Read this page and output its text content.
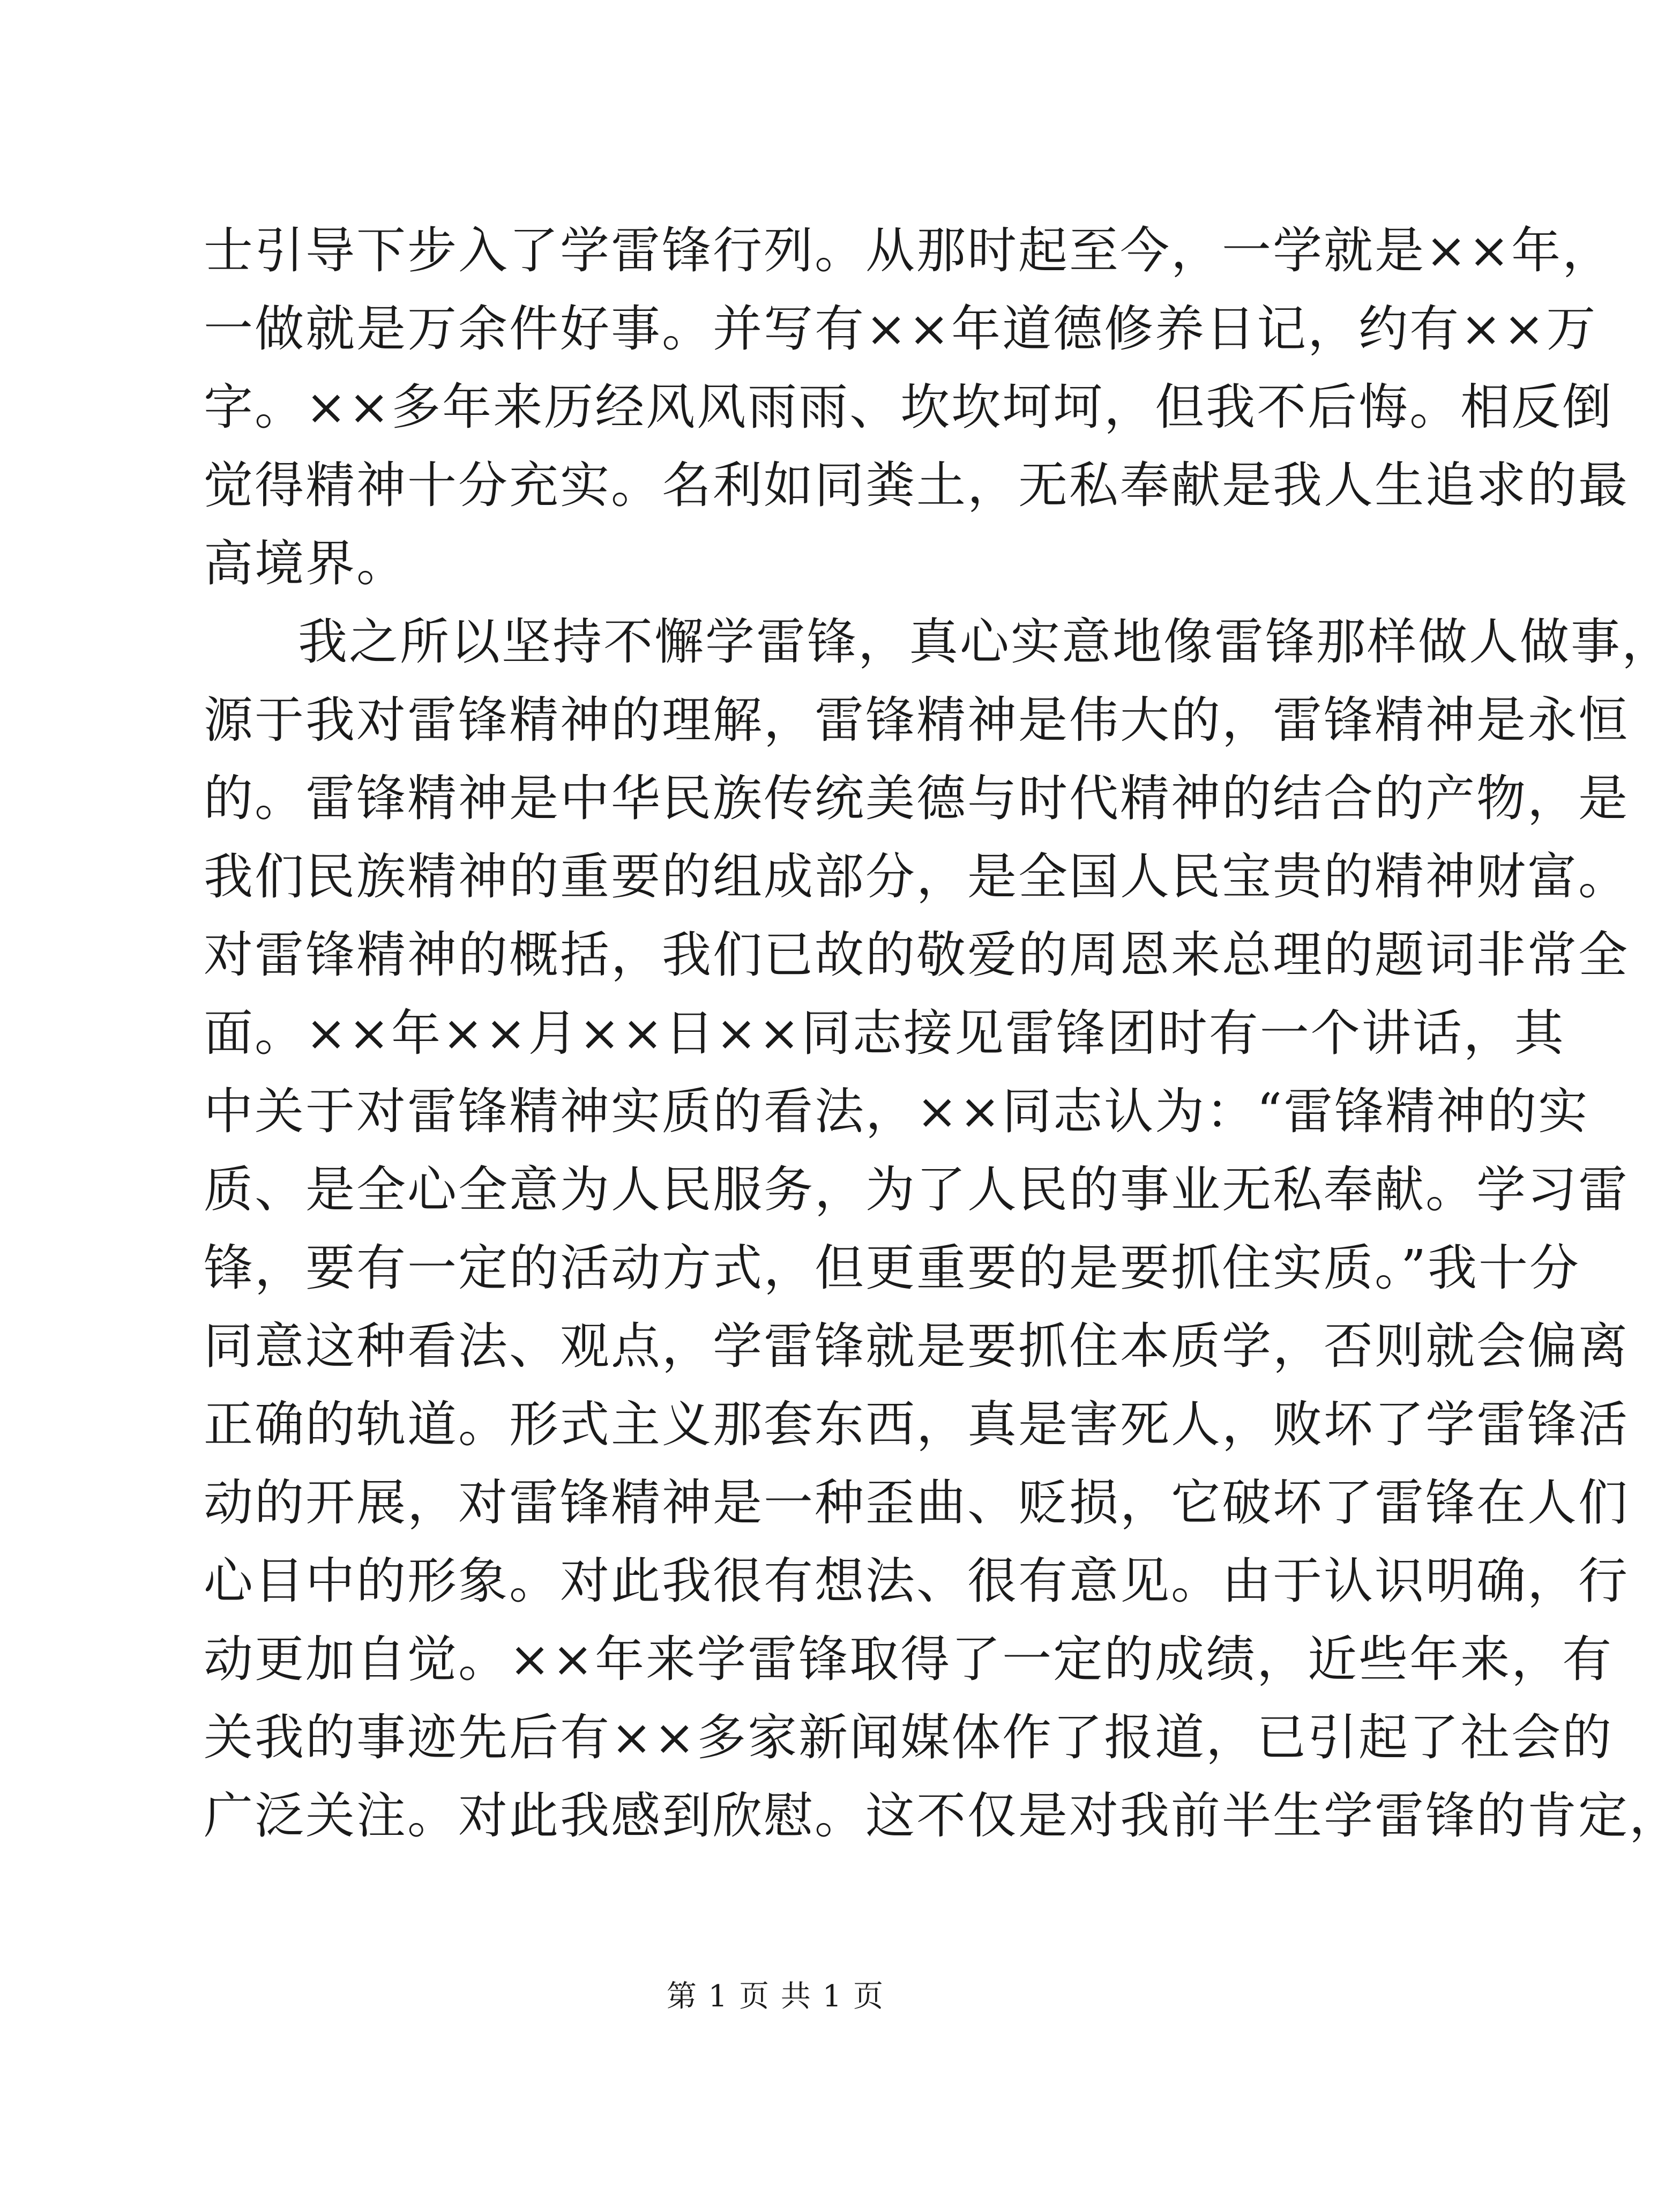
士引导下步入了学雷锋行列。从那时起至今，一学就是××年，
一做就是万余件好事。并写有××年道德修养日记，约有××万
字。××多年来历经风风雨雨、坎坎坷坷，但我不后悔。相反倒
觉得精神十分充实。名利如同粪土，无私奉献是我人生追求的最
高境界。
我之所以坚持不懈学雷锋，真心实意地像雷锋那样做人做事，
源于我对雷锋精神的理解，雷锋精神是伟大的，雷锋精神是永恒
的。雷锋精神是中华民族传统美德与时代精神的结合的产物，是
我们民族精神的重要的组成部分，是全国人民宝贵的精神财富。
对雷锋精神的概括，我们已故的敬爱的周恩来总理的题词非常全
面。××年××月××日××同志接见雷锋团时有一个讲话，其
中关于对雷锋精神实质的看法，××同志认为：“雷锋精神的实
质、是全心全意为人民服务，为了人民的事业无私奉献。学习雷
锋，要有一定的活动方式，但更重要的是要抓住实质。”我十分
同意这种看法、观点，学雷锋就是要抓住本质学，否则就会偏离
正确的轨道。形式主义那套东西，真是害死人，败坏了学雷锋活
动的开展，对雷锋精神是一种歪曲、贬损，它破坏了雷锋在人们
心目中的形象。对此我很有想法、很有意见。由于认识明确，行
动更加自觉。××年来学雷锋取得了一定的成绩，近些年来，有
关我的事迹先后有××多家新闻媒体作了报道，已引起了社会的
广泛关注。对此我感到欣慰。这不仅是对我前半生学雷锋的肯定，
第 1 页 共 1 页
